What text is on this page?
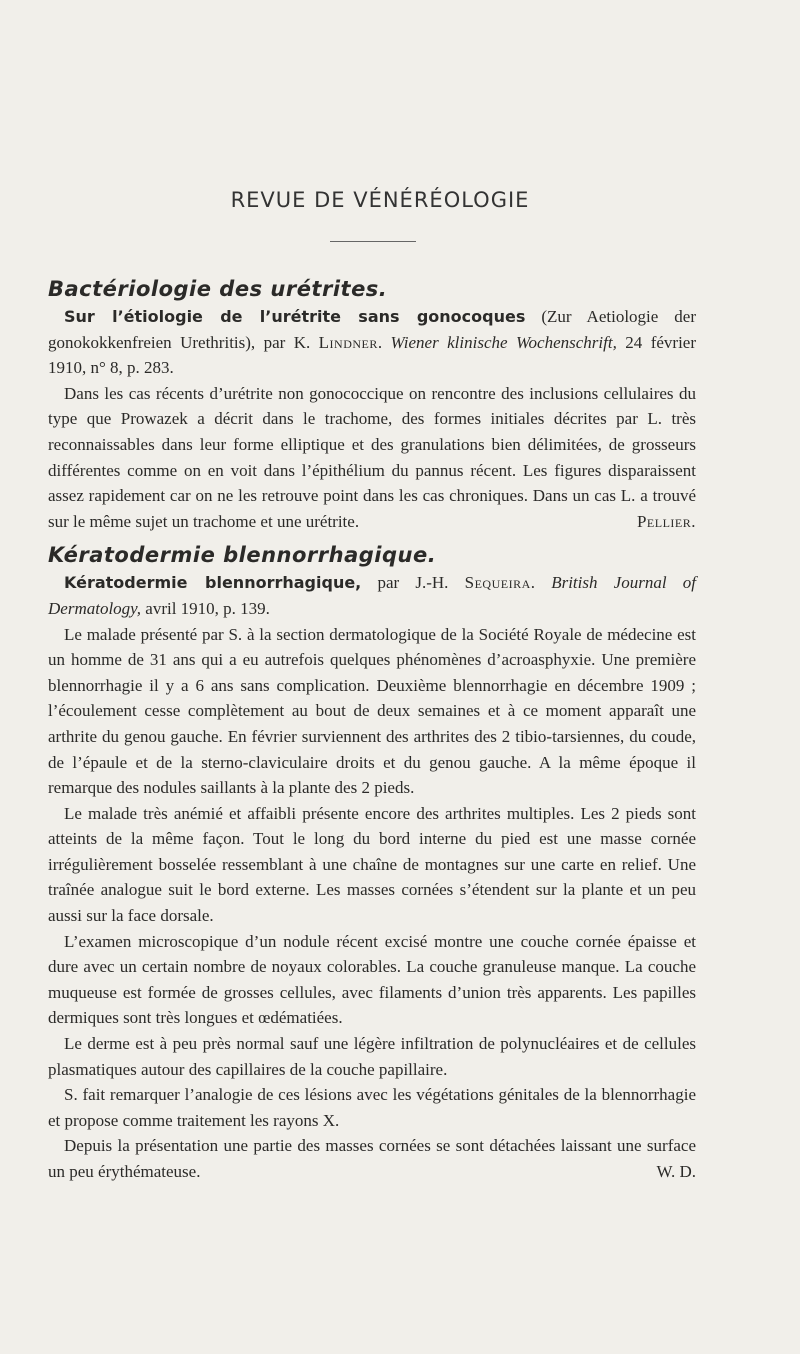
REVUE DE VÉNÉRÉOLOGIE
Bactériologie des urétrites.

Sur l’étiologie de l’urétrite sans gonocoques (Zur Aetiologie der gonokokkenfreien Urethritis), par K. Lindner. Wiener klinische Wochenschrift, 24 février 1910, n° 8, p. 283.

Dans les cas récents d’urétrite non gonococcique on rencontre des inclusions cellulaires du type que Prowazek a décrit dans le trachome, des formes initiales décrites par L. très reconnaissables dans leur forme elliptique et des granulations bien délimitées, de grosseurs différentes comme on en voit dans l’épithélium du pannus récent. Les figures disparaissent assez rapidement car on ne les retrouve point dans les cas chroniques. Dans un cas L. a trouvé sur le même sujet un trachome et une urétrite.	Pellier.

Kératodermie blennorrhagique.

Kératodermie blennorrhagique, par J.-H. Sequeira. British Journal of Dermatology, avril 1910, p. 139.

Le malade présenté par S. à la section dermatologique de la Société Royale de médecine est un homme de 31 ans qui a eu autrefois quelques phénomènes d’acroasphyxie. Une première blennorrhagie il y a 6 ans sans complication. Deuxième blennorrhagie en décembre 1909 ; l’écoulement cesse complètement au bout de deux semaines et à ce moment apparaît une arthrite du genou gauche. En février surviennent des arthrites des 2 tibio-tarsiennes, du coude, de l’épaule et de la sterno-claviculaire droits et du genou gauche. A la même époque il remarque des nodules saillants à la plante des 2 pieds.

Le malade très anémié et affaibli présente encore des arthrites multiples. Les 2 pieds sont atteints de la même façon. Tout le long du bord interne du pied est une masse cornée irrégulièrement bosselée ressemblant à une chaîne de montagnes sur une carte en relief. Une traînée analogue suit le bord externe. Les masses cornées s’étendent sur la plante et un peu aussi sur la face dorsale.

L’examen microscopique d’un nodule récent excisé montre une couche cornée épaisse et dure avec un certain nombre de noyaux colorables. La couche granuleuse manque. La couche muqueuse est formée de grosses cellules, avec filaments d’union très apparents. Les papilles dermiques sont très longues et œdématiées.

Le derme est à peu près normal sauf une légère infiltration de polynucléaires et de cellules plasmatiques autour des capillaires de la couche papillaire.

S. fait remarquer l’analogie de ces lésions avec les végétations génitales de la blennorrhagie et propose comme traitement les rayons X.

Depuis la présentation une partie des masses cornées se sont détachées laissant une surface un peu érythémateuse.	W. D.
